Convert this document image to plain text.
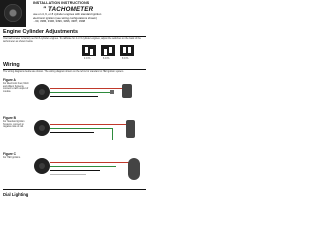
INSTALLATION INSTRUCTIONS
" TACHOMETER
use on 4, 6, or 8 cylinder engines with standard ignition
electronic ignition (see wiring configurations shown)
...60, 3386, 3396, 3396, 3396, 3387, 3398
Engine Cylinder Adjustments
Your tachometer is factory set for 8-cylinder engines. To calibrate for 4 or 6 cylinder engines, adjust the switches on the back of the tachometer as shown below.
4 CYL	6 CYL	8 CYL
Wiring
The wiring diagrams below are shown. The wiring diagram shown on the left is for standard or HEI ignition system.
Figure A
For Electronic Fuel, Multi and Allison Systems, connect to tach output of module.
Figure B
For Standard Ignition Systems, connect to negative side of coil.
Figure C
For HEI Ignitions.
Dial Lighting
